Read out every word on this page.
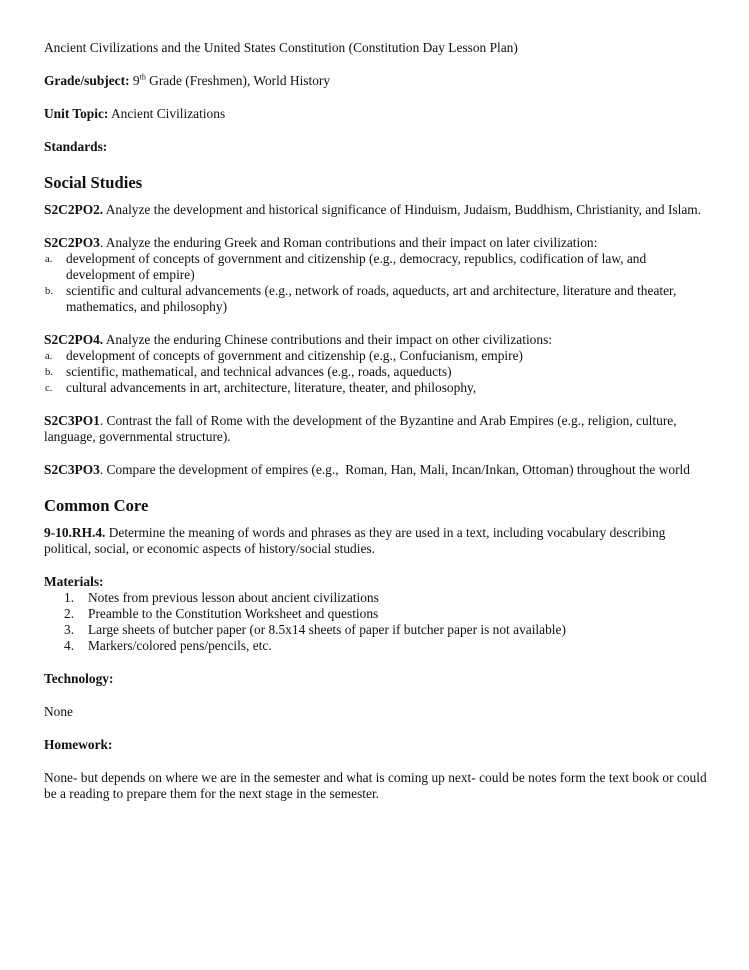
Ancient Civilizations and the United States Constitution (Constitution Day Lesson Plan)

Grade/subject: 9th Grade (Freshmen), World History

Unit Topic: Ancient Civilizations

Standards:

Social Studies

S2C2PO2. Analyze the development and historical significance of Hinduism, Judaism, Buddhism, Christianity, and Islam.

S2C2PO3. Analyze the enduring Greek and Roman contributions and their impact on later civilization:

a. development of concepts of government and citizenship (e.g., democracy, republics, codification of law, and development of empire)
b. scientific and cultural advancements (e.g., network of roads, aqueducts, art and architecture, literature and theater, mathematics, and philosophy)

S2C2PO4. Analyze the enduring Chinese contributions and their impact on other civilizations:

a. development of concepts of government and citizenship (e.g., Confucianism, empire)
b. scientific, mathematical, and technical advances (e.g., roads, aqueducts)
c. cultural advancements in art, architecture, literature, theater, and philosophy,

S2C3PO1. Contrast the fall of Rome with the development of the Byzantine and Arab Empires (e.g., religion, culture, language, governmental structure).

S2C3PO3. Compare the development of empires (e.g.,  Roman, Han, Mali, Incan/Inkan, Ottoman) throughout the world

Common Core

9-10.RH.4. Determine the meaning of words and phrases as they are used in a text, including vocabulary describing political, social, or economic aspects of history/social studies.

Materials:

1. Notes from previous lesson about ancient civilizations
2. Preamble to the Constitution Worksheet and questions
3. Large sheets of butcher paper (or 8.5x14 sheets of paper if butcher paper is not available)
4. Markers/colored pens/pencils, etc.

Technology:

None

Homework:

None- but depends on where we are in the semester and what is coming up next- could be notes form the text book or could be a reading to prepare them for the next stage in the semester.
